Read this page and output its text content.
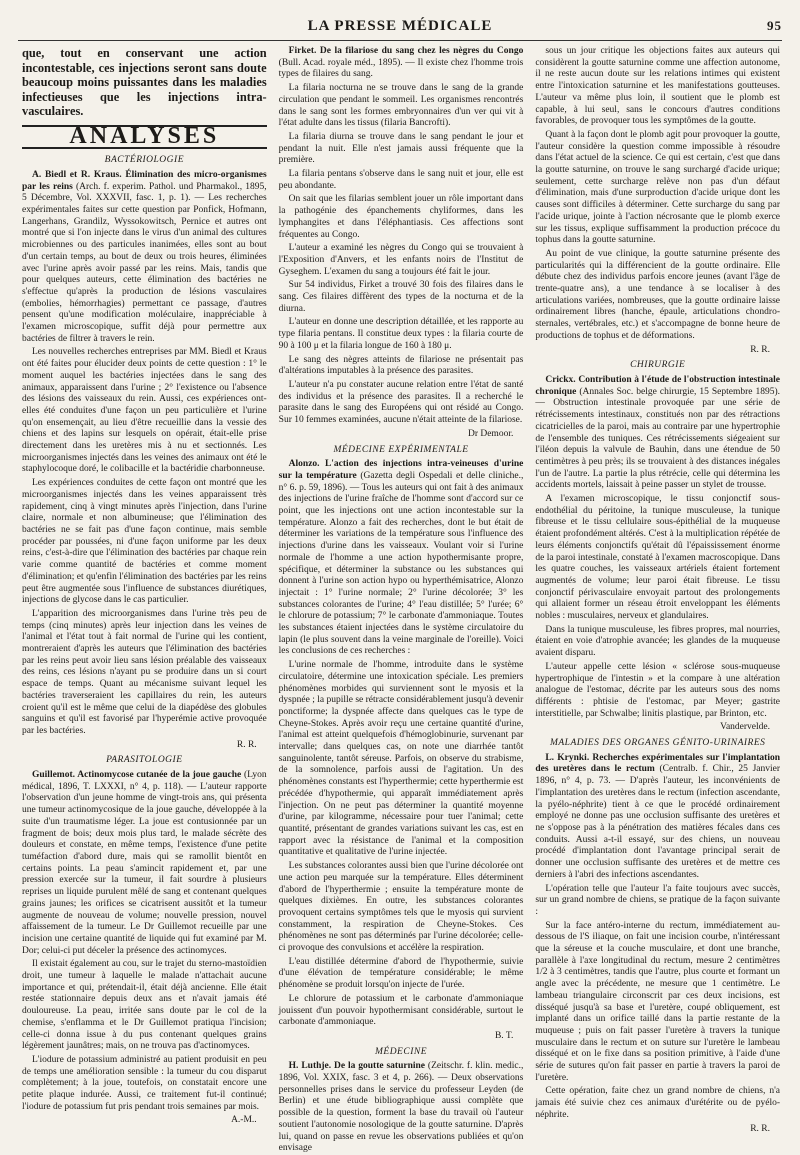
LA PRESSE MÉDICALE	95

que, tout en conservant une action incontestable, ces injections seront sans doute beaucoup moins puissantes dans les maladies infectieuses que les injections intra-vasculaires.

ANALYSES
BACTÉRIOLOGIE

A. Biedl et R. Kraus. Élimination des micro-organismes par les reins (Arch. f. experim. Pathol. und Pharmakol., 1895, 5 Décembre, Vol. XXXVII, fasc. 1, p. 1). — Les recherches expérimentales faites sur cette question par Ponfick, Hofmann, Langerhans, Grandilz, Wyssokowitsch, Pernice et autres ont montré que si l'on injecte dans le virus d'un animal des cultures microbiennes ou des particules inanimées, elles sont au bout d'un certain temps, au bout de deux ou trois heures, éliminées avec l'urine après avoir passé par les reins. Mais, tandis que pour quelques auteurs, cette élimination des bactéries ne s'effectue qu'après la production de lésions vasculaires (embolies, hémorrhagies) permettant ce passage, d'autres pensent qu'une modification moléculaire, inappréciable à l'examen microscopique, suffit déjà pour permettre aux bactéries de filtrer à travers le rein.

Les nouvelles recherches entreprises par MM. Biedl et Kraus ont été faites pour élucider deux points de cette question : 1° le moment auquel les bactéries injectées dans le sang des animaux, apparaissent dans l'urine ; 2° l'existence ou l'absence des lésions des vaisseaux du rein. Aussi, ces expériences ont-elles été conduites d'une façon un peu particulière et l'urine qu'on ensemençait, au lieu d'être recueillie dans la vessie des chiens et des lapins sur lesquels on opérait, était-elle prise directement dans les uretères mis à nu et sectionnés. Les microorganismes injectés dans les veines des animaux ont été le staphylocoque doré, le colibacille et la bactéridie charbonneuse.

Les expériences conduites de cette façon ont montré que les microorganismes injectés dans les veines apparaissent très rapidement, cinq à vingt minutes après l'injection, dans l'urine claire, normale et non albumineuse; que l'élimination des bactéries ne se fait pas d'une façon continue, mais semble procéder par poussées, ni d'une façon uniforme par les deux reins, c'est-à-dire que l'élimination des bactéries par chaque rein varie comme quantité de bactéries et comme moment d'élimination; et qu'enfin l'élimination des bactéries par les reins peut être augmentée sous l'influence de substances diurétiques, injections de glycose dans le cas particulier.

L'apparition des microorganismes dans l'urine très peu de temps (cinq minutes) après leur injection dans les veines de l'animal et l'état tout à fait normal de l'urine qui les contient, montreraient d'après les auteurs que l'élimination des bactéries par les reins peut avoir lieu sans lésion préalable des vaisseaux des reins, ces lésions n'ayant pu se produire dans un si court espace de temps. Quant au mécanisme suivant lequel les bactéries traverseraient les capillaires du rein, les auteurs croient qu'il est le même que celui de la diapédèse des globules sanguins et qu'il est favorisé par l'hyperémie active provoquée par les bactéries.

R. R.
PARASITOLOGIE

Guillemot. Actinomycose cutanée de la joue gauche (Lyon médical, 1896, T. LXXXI, n° 4, p. 118). — L'auteur rapporte l'observation d'un jeune homme de vingt-trois ans, qui présenta une tumeur actinomycosique de la joue gauche, développée à la suite d'un traumatisme léger. La joue est contusionnée par un fragment de bois; deux mois plus tard, le malade sécrète des douleurs et constate, en même temps, l'existence d'une petite tuméfaction d'abord dure, mais qui se ramollit bientôt en certains points. La peau s'amincit rapidement et, par une pression exercée sur la tumeur, il fait sourdre à plusieurs reprises un liquide purulent mêlé de sang et contenant quelques grains jaunes; les orifices se cicatrisent aussitôt et la tumeur augmente de nouveau de volume; nouvelle pression, nouvel affaissement de la tumeur. Le Dr Guillemot recueille par une incision une certaine quantité de liquide qui fut examiné par M. Dor; celui-ci put déceler la présence des actinomyces.

Il existait également au cou, sur le trajet du sterno-mastoïdien droit, une tumeur à laquelle le malade n'attachait aucune importance et qui, prétendait-il, était déjà ancienne. Elle était restée stationnaire depuis deux ans et n'avait jamais été douloureuse. La peau, irritée sans doute par le col de la chemise, s'enflamma et le Dr Guillemot pratiqua l'incision; celle-ci donna issue à du pus contenant quelques grains légèrement jaunâtres; mais, on ne trouva pas d'actinomyces.

L'iodure de potassium administré au patient produisit en peu de temps une amélioration sensible : la tumeur du cou disparut complètement; à la joue, toutefois, on constatait encore une petite plaque indurée. Aussi, ce traitement fut-il continué; l'iodure de potassium fut pris pendant trois semaines par mois.

A.-M..

Firket. De la filariose du sang chez les nègres du Congo (Bull. Acad. royale méd., 1895). — Il existe chez l'homme trois types de filaires du sang.

La filaria nocturna ne se trouve dans le sang de la grande circulation que pendant le sommeil. Les organismes rencontrés dans le sang sont les formes embryonnaires d'un ver qui vit à l'état adulte dans les tissus (filaria Bancrofti).

La filaria diurna se trouve dans le sang pendant le jour et pendant la nuit. Elle n'est jamais aussi fréquente que la première.

La filaria pentans s'observe dans le sang nuit et jour, elle est peu abondante.

On sait que les filarias semblent jouer un rôle important dans la pathogénie des épanchements chyliformes, dans les lymphangites et dans l'éléphantiasis. Ces affections sont fréquentes au Congo.

L'auteur a examiné les nègres du Congo qui se trouvaient à l'Exposition d'Anvers, et les enfants noirs de l'Institut de Gyseghem. L'examen du sang a toujours été fait le jour.

Sur 54 individus, Firket a trouvé 30 fois des filaires dans le sang. Ces filaires diffèrent des types de la nocturna et de la diurna.

L'auteur en donne une description détaillée, et les rapporte au type filaria pentans. Il constitue deux types : la filaria courte de 90 à 100 μ et la filaria longue de 160 à 180 μ.

Le sang des nègres atteints de filariose ne présentait pas d'altérations imputables à la présence des parasites.

L'auteur n'a pu constater aucune relation entre l'état de santé des individus et la présence des parasites. Il a recherché le parasite dans le sang des Européens qui ont résidé au Congo. Sur 10 femmes examinées, aucune n'était atteinte de la filariose.

Dr Demoor.
MÉDECINE EXPÉRIMENTALE

Alonzo. L'action des injections intra-veineuses d'urine sur la température (Gazetta degli Ospedali et delle cliniche., n° 6. p. 59, 1896). — Tous les auteurs qui ont fait à des animaux des injections de l'urine fraîche de l'homme sont d'accord sur ce point, que les injections ont une action incontestable sur la température. Alonzo a fait des recherches, dont le but était de déterminer les variations de la température sous l'influence des injections d'urine dans les vaisseaux. Voulant voir si l'urine normale de l'homme a une action hypothermisante propre, spécifique, et déterminer la substance ou les substances qui donnent à l'urine son action hypo ou hyperthémisatrice, Alonzo injectait : 1° l'urine normale; 2° l'urine décolorée; 3° les substances colorantes de l'urine; 4° l'eau distillée; 5° l'urée; 6° le chlorure de potassium; 7° le carbonate d'ammoniaque. Toutes les substances étaient injectées dans le système circulatoire du lapin (le plus souvent dans la veine marginale de l'oreille). Voici les conclusions de ces recherches :

L'urine normale de l'homme, introduite dans le système circulatoire, détermine une intoxication spéciale. Les premiers phénomènes morbides qui surviennent sont le myosis et la dyspnée ; la pupille se rétracte considérablement jusqu'à devenir ponctiforme; la dyspnée affecte dans quelques cas le type de Cheyne-Stokes. Après avoir reçu une certaine quantité d'urine, l'animal est atteint quelquefois d'hémoglobinurie, survenant par intervalle; dans quelques cas, on note une diarrhée tantôt sanguinolente, tantôt séreuse. Parfois, on observe du strabisme, de la somnolence, parfois aussi de l'agitation. Un des phénomènes constants est l'hyperthermie; cette hyperthermie est précédée d'hypothermie, qui apparaît immédiatement après l'injection. On ne peut pas déterminer la quantité moyenne d'urine, par kilogramme, nécessaire pour tuer l'animal; cette quantité, présentant de grandes variations suivant les cas, est en rapport avec la résistance de l'animal et la composition quantitative et qualitative de l'urine injectée.

Les substances colorantes aussi bien que l'urine décolorée ont une action peu marquée sur la température. Elles déterminent d'abord de l'hyperthermie ; ensuite la température monte de quelques dixièmes. En outre, les substances colorantes provoquent certains symptômes tels que le myosis qui survient constamment, la respiration de Cheyne-Stokes. Ces phénomènes ne sont pas déterminés par l'urine décolorée; celle-ci provoque des convulsions et accélère la respiration.

L'eau distillée détermine d'abord de l'hypothermie, suivie d'une élévation de température considérable; le même phénomène se produit lorsqu'on injecte de l'urée.

Le chlorure de potassium et le carbonate d'ammoniaque jouissent d'un pouvoir hypothermisant considérable, surtout le carbonate d'ammoniaque.

B. T.
MÉDECINE

H. Luthje. De la goutte saturnine (Zeitschr. f. klin. medic., 1896, Vol. XXIX, fasc. 3 et 4, p. 266). — Deux observations personnelles prises dans le service du professeur Leyden (de Berlin) et une étude bibliographique aussi complète que possible de la question, forment la base du travail où l'auteur soutient l'autonomie nosologique de la goutte saturnine. D'après lui, quand on passe en revue les observations publiées et qu'on envisage

sous un jour critique les objections faites aux auteurs qui considèrent la goutte saturnine comme une affection autonome, il ne reste aucun doute sur les relations intimes qui existent entre l'intoxication saturnine et les manifestations goutteuses. L'auteur va même plus loin, il soutient que le plomb est capable, à lui seul, sans le concours d'autres conditions favorables, de provoquer tous les symptômes de la goutte.

Quant à la façon dont le plomb agit pour provoquer la goutte, l'auteur considère la question comme impossible à résoudre dans l'état actuel de la science. Ce qui est certain, c'est que dans la goutte saturnine, on trouve le sang surchargé d'acide urique; seulement, cette surcharge relève non pas d'un défaut d'élimination, mais d'une surproduction d'acide urique dont les causes sont difficiles à déterminer. Cette surcharge du sang par l'acide urique, jointe à l'action nécrosante que le plomb exerce sur les tissus, explique suffisamment la production précoce du tophus dans la goutte saturnine.

Au point de vue clinique, la goutte saturnine présente des particularités qui la différencient de la goutte ordinaire. Elle débute chez des individus parfois encore jeunes (avant l'âge de trente-quatre ans), a une tendance à se localiser à des articulations variées, nombreuses, que la goutte ordinaire laisse ordinairement libres (hanche, épaule, articulations chondro-sternales, vertébrales, etc.) et s'accompagne de bonne heure de productions de tophus et de déformations.

R. R.
CHIRURGIE

Crickx. Contribution à l'étude de l'obstruction intestinale chronique (Annales Soc. belge chirurgie, 15 Septembre 1895). — Obstruction intestinale provoquée par une série de rétrécissements intestinaux, constitués non par des rétractions cicatricielles de la paroi, mais au contraire par une hypertrophie de l'ensemble des tuniques. Ces rétrécissements siégeaient sur l'iléon depuis la valvule de Bauhin, dans une étendue de 50 centimètres à peu près; ils se trouvaient à des distances inégales l'un de l'autre. La partie la plus rétrécie, celle qui détermina les accidents mortels, laissait à peine passer un stylet de trousse.

A l'examen microscopique, le tissu conjonctif sous-endothélial du péritoine, la tunique musculeuse, la tunique fibreuse et le tissu cellulaire sous-épithélial de la muqueuse étaient profondément altérés. C'est à la multiplication répétée de leurs éléments conjonctifs qu'était dû l'épaississement énorme de la paroi intestinale, constaté à l'examen macroscopique. Dans les quatre couches, les vaisseaux artériels étaient fortement augmentés de volume; leur paroi était fibreuse. Le tissu conjonctif périvasculaire envoyait partout des prolongements qui allaient former un réseau étroit enveloppant les éléments nobles : musculaires, nerveux et glandulaires.

Dans la tunique musculeuse, les fibres propres, mal nourries, étaient en voie d'atrophie avancée; les glandes de la muqueuse avaient disparu.

L'auteur appelle cette lésion « sclérose sous-muqueuse hypertrophique de l'intestin » et la compare à une altération analogue de l'estomac, décrite par les auteurs sous des noms différents : phtisie de l'estomac, par Meyer; gastrite interstitielle, par Schwalbe; linitis plastique, par Brinton, etc.

Vandervelde.
MALADIES DES ORGANES GÉNITO-URINAIRES

L. Krynki. Recherches expérimentales sur l'implantation des uretères dans le rectum (Centralb. f. Chir., 25 Janvier 1896, n° 4, p. 73. — D'après l'auteur, les inconvénients de l'implantation des uretères dans le rectum (infection ascendante, la pyélo-néphrite) tient à ce que le procédé ordinairement employé ne donne pas une occlusion suffisante des uretères et ne s'oppose pas à la pénétration des matières fécales dans ces conduits. Aussi a-t-il essayé, sur des chiens, un nouveau procédé d'implantation dont l'avantage principal serait de donner une occlusion suffisante des uretères et de mettre ces derniers à l'abri des infections ascendantes.

L'opération telle que l'auteur l'a faite toujours avec succès, sur un grand nombre de chiens, se pratique de la façon suivante :

Sur la face antéro-interne du rectum, immédiatement au-dessous de l'S iliaque, on fait une incision courbe, n'intéressant que la séreuse et la couche musculaire, et dont une branche, parallèle à l'axe longitudinal du rectum, mesure 2 centimètres 1/2 à 3 centimètres, tandis que l'autre, plus courte et formant un angle avec la précédente, ne mesure que 1 centimètre. Le lambeau triangulaire circonscrit par ces deux incisions, est disséqué jusqu'à sa base et l'uretère, coupé obliquement, est implanté dans un orifice taillé dans la partie restante de la muqueuse ; puis on fait passer l'uretère à travers la tunique musculaire dans le rectum et on suture sur l'uretère le lambeau disséqué et on le fixe dans sa position primitive, à l'aide d'une série de sutures qu'on fait passer en partie à travers la paroi de l'uretère.

Cette opération, faite chez un grand nombre de chiens, n'a jamais été suivie chez ces animaux d'urétérite ou de pyélo-néphrite.

R. R.
